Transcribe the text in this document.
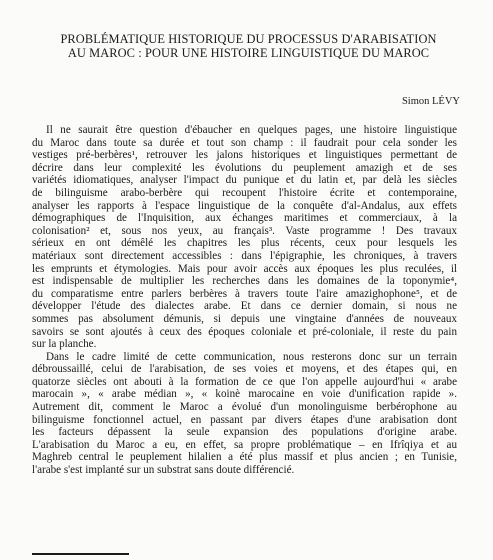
PROBLÉMATIQUE HISTORIQUE DU PROCESSUS D'ARABISATION
AU MAROC : POUR UNE HISTOIRE LINGUISTIQUE DU MAROC
Simon LÉVY
Il ne saurait être question d'ébaucher en quelques pages, une histoire linguistique
du Maroc dans toute sa durée et tout son champ : il faudrait pour cela sonder les
vestiges pré-berbères¹, retrouver les jalons historiques et linguistiques permettant de
décrire dans leur complexité les évolutions du peuplement amazigh et de ses
variétés idiomatiques, analyser l'impact du punique et du latin et, par delà les siècles
de bilinguisme arabo-berbère qui recoupent l'histoire écrite et contemporaine,
analyser les rapports à l'espace linguistique de la conquête d'al-Andalus, aux effets
démographiques de l'Inquisition, aux échanges maritimes et commerciaux, à la
colonisation² et, sous nos yeux, au français³. Vaste programme ! Des travaux
sérieux en ont démêlé les chapitres les plus récents, ceux pour lesquels les
matériaux sont directement accessibles : dans l'épigraphie, les chroniques, à travers
les emprunts et étymologies. Mais pour avoir accès aux époques les plus reculées, il
est indispensable de multiplier les recherches dans les domaines de la toponymie⁴,
du comparatisme entre parlers berbères à travers toute l'aire amazighophone⁵, et de
développer l'étude des dialectes arabe. Et dans ce dernier domain, si nous ne
sommes pas absolument démunis, si depuis une vingtaine d'années de nouveaux
savoirs se sont ajoutés à ceux des époques coloniale et pré-coloniale, il reste du pain
sur la planche.
Dans le cadre limité de cette communication, nous resterons donc sur un terrain
débroussaillé, celui de l'arabisation, de ses voies et moyens, et des étapes qui, en
quatorze siècles ont abouti à la formation de ce que l'on appelle aujourd'hui « arabe
marocain », « arabe médian », « koinè marocaine en voie d'unification rapide ».
Autrement dit, comment le Maroc a évolué d'un monolinguisme berbérophone au
bilinguisme fonctionnel actuel, en passant par divers étapes d'une arabisation dont
les facteurs dépassent la seule expansion des populations d'origine arabe.
L'arabisation du Maroc a eu, en effet, sa propre problématique – en Ifrîqiya et au
Maghreb central le peuplement hilalien a été plus massif et plus ancien ; en Tunisie,
l'arabe s'est implanté sur un substrat sans doute différencié.
